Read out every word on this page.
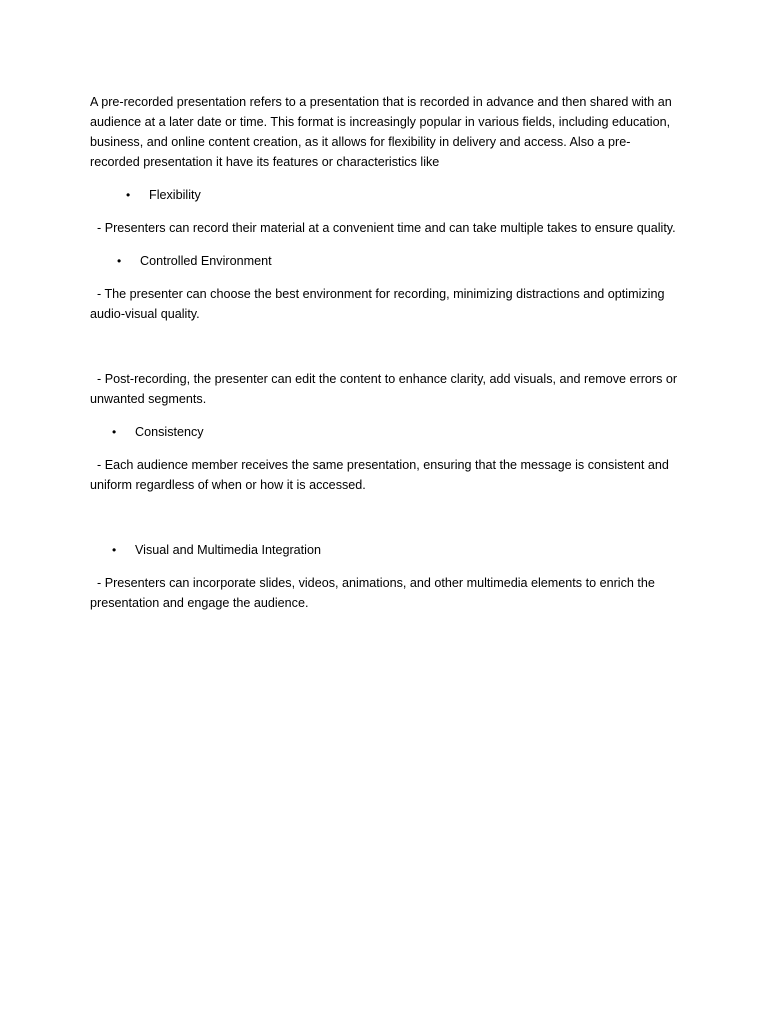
A pre-recorded presentation refers to a presentation that is recorded in advance and then shared with an audience at a later date or time. This format is increasingly popular in various fields, including education, business, and online content creation, as it allows for flexibility in delivery and access. Also a pre-recorded presentation it have its features or characteristics like

• Flexibility

- Presenters can record their material at a convenient time and can take multiple takes to ensure quality.

• Controlled Environment

- The presenter can choose the best environment for recording, minimizing distractions and optimizing audio-visual quality.

- Post-recording, the presenter can edit the content to enhance clarity, add visuals, and remove errors or unwanted segments.

• Consistency

- Each audience member receives the same presentation, ensuring that the message is consistent and uniform regardless of when or how it is accessed.

• Visual and Multimedia Integration

- Presenters can incorporate slides, videos, animations, and other multimedia elements to enrich the presentation and engage the audience.
